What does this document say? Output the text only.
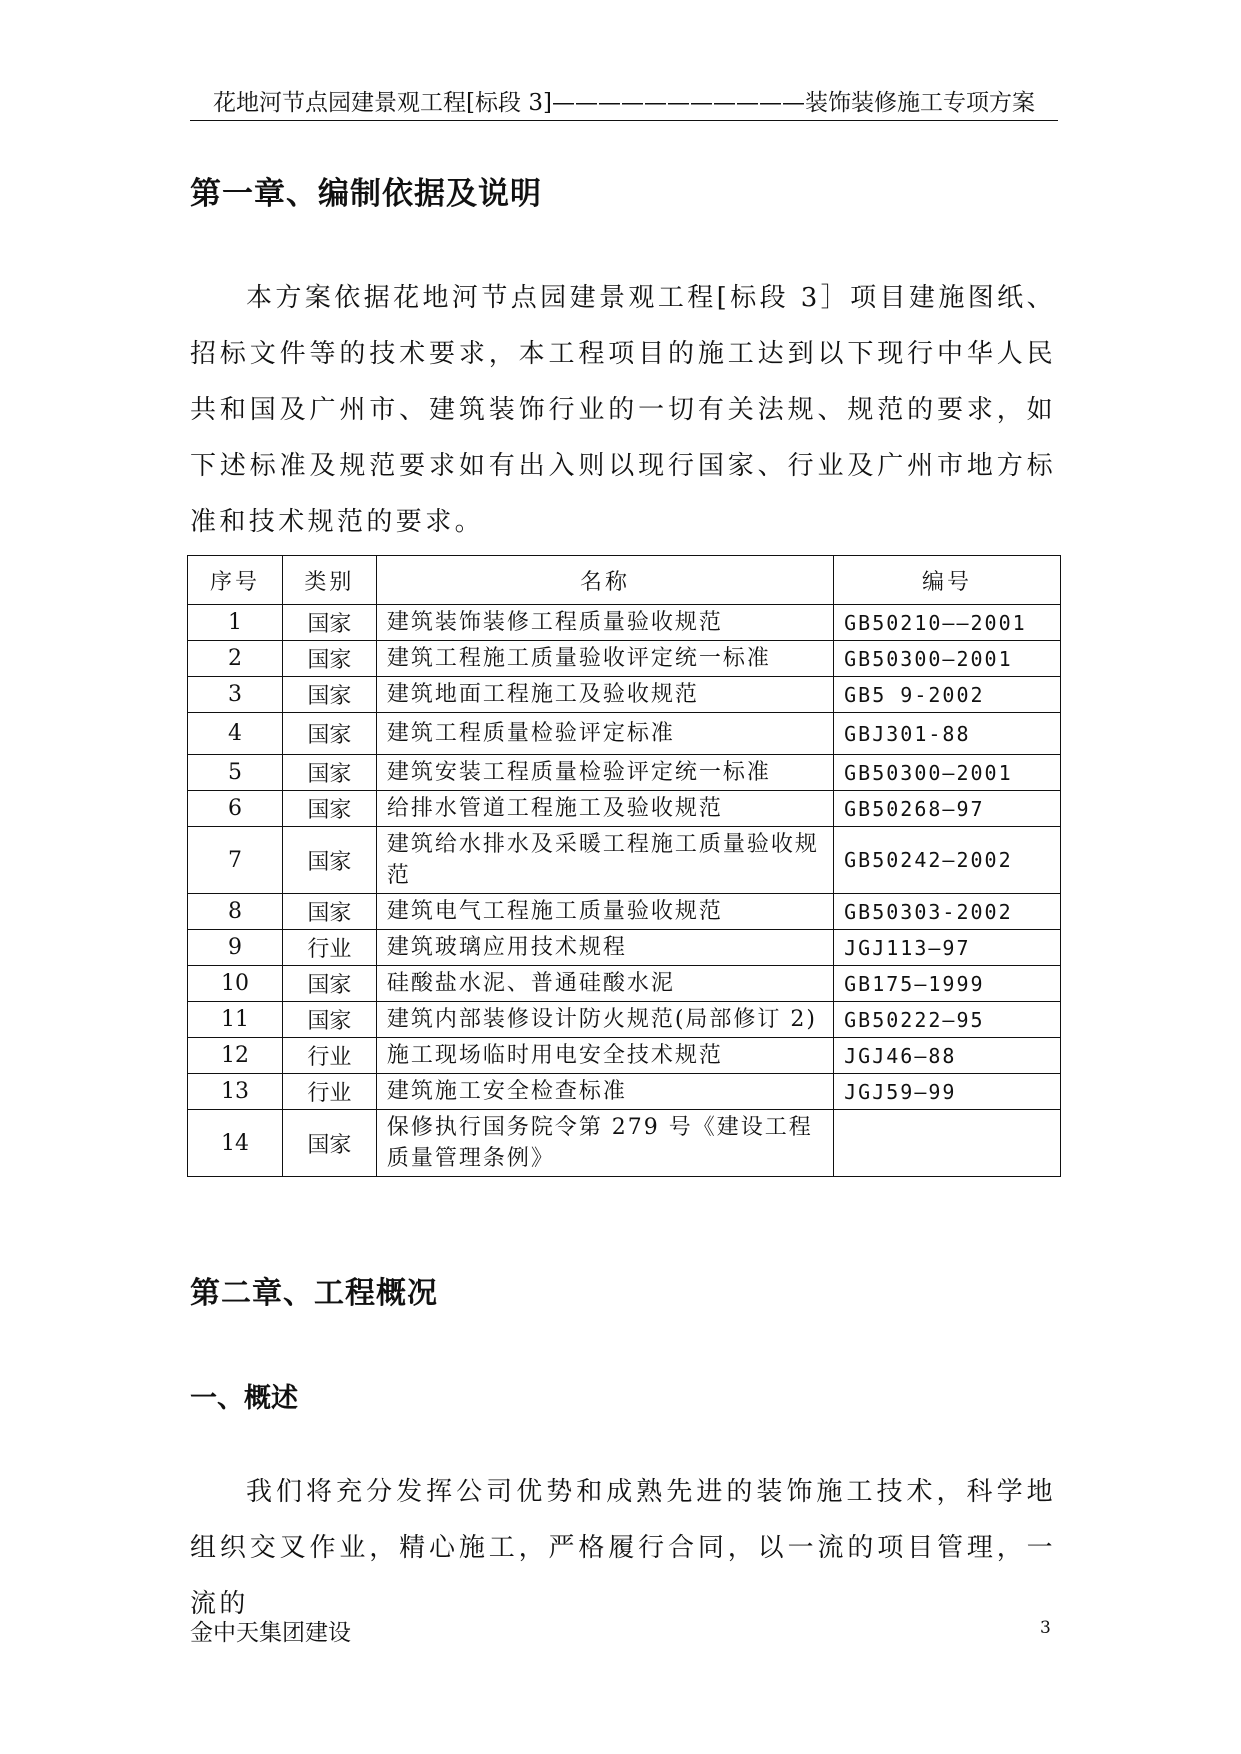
花地河节点园建景观工程[标段 3]———————————装饰装修施工专项方案
第一章、编制依据及说明
本方案依据花地河节点园建景观工程[标段 3］项目建施图纸、招标文件等的技术要求，本工程项目的施工达到以下现行中华人民共和国及广州市、建筑装饰行业的一切有关法规、规范的要求，如下述标准及规范要求如有出入则以现行国家、行业及广州市地方标准和技术规范的要求。
序号	类别	名称	编号
1	国家	建筑装饰装修工程质量验收规范	GB50210——2001
2	国家	建筑工程施工质量验收评定统一标准	GB50300—2001
3	国家	建筑地面工程施工及验收规范	GB5 9-2002
4	国家	建筑工程质量检验评定标准	GBJ301-88
5	国家	建筑安装工程质量检验评定统一标准	GB50300—2001
6	国家	给排水管道工程施工及验收规范	GB50268—97
7	国家	建筑给水排水及采暖工程施工质量验收规范	GB50242—2002
8	国家	建筑电气工程施工质量验收规范	GB50303-2002
9	行业	建筑玻璃应用技术规程	JGJ113—97
10	国家	硅酸盐水泥、普通硅酸水泥	GB175—1999
11	国家	建筑内部装修设计防火规范(局部修订 2)	GB50222—95
12	行业	施工现场临时用电安全技术规范	JGJ46—88
13	行业	建筑施工安全检查标准	JGJ59—99
14	国家	保修执行国务院令第 279 号《建设工程质量管理条例》	
第二章、工程概况
一、概述
我们将充分发挥公司优势和成熟先进的装饰施工技术，科学地组织交叉作业，精心施工，严格履行合同，以一流的项目管理，一流的
金中天集团建设	3
